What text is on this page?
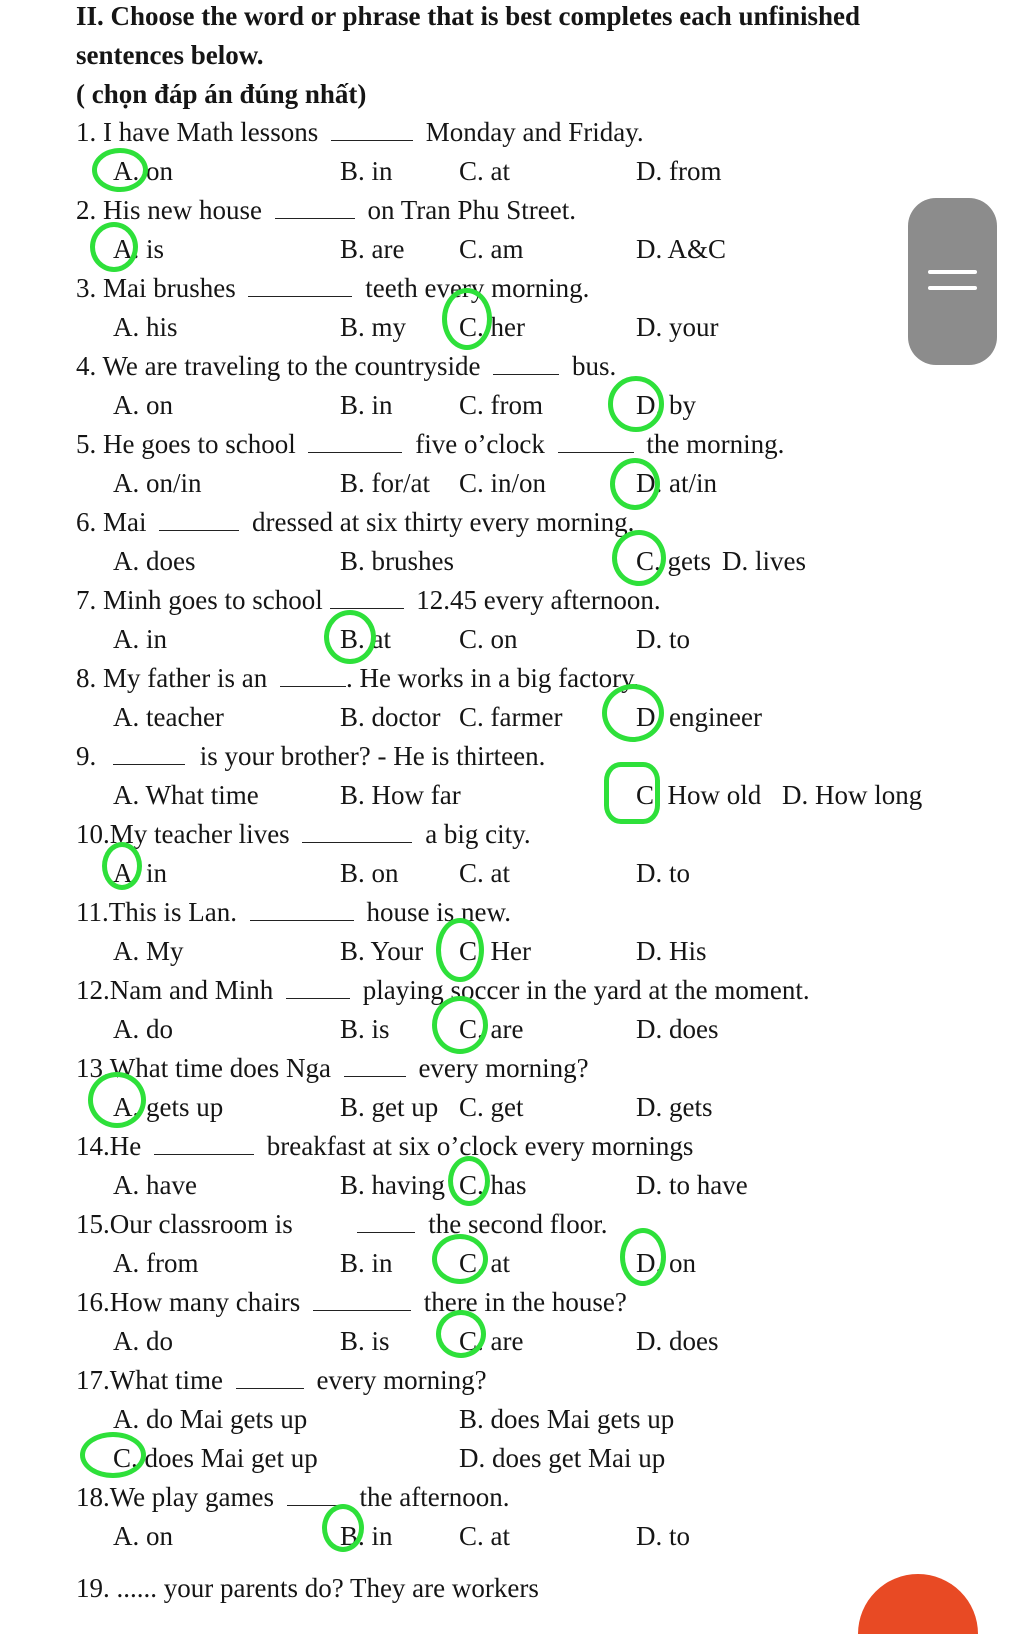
II. Choose the word or phrase that is best completes each unfinished
sentences below.
( chọn đáp án đúng nhất)
1. I have Math lessons	Monday and Friday.
A. on	B. in C. at	D. from
2. His new house	on Tran Phu Street.
A. is	B. are C. am	D. A&C
3. Mai brushes	teeth every morning.
A. his	B. my C. her	D. your
4. We are traveling to the countryside	bus.
A. on	B. in C. from	D. by
5. He goes to school	five o’clock	the morning.
A. on/in	B. for/at C. in/on	D. at/in
6. Mai	dressed at six thirty every morning.
A. does	B. brushes	C. gets D. lives
7. Minh goes to school	12.45 every afternoon.
A. in	B. at	C. on	D. to
8. My father is an	. He works in a big factory.
A. teacher	B. doctor C. farmer	D. engineer
9.	is your brother? - He is thirteen.
A. What time	B. How far	C. How old D. How long
10.My teacher lives	a big city.
A. in	B. on C. at	D. to
11.This is Lan.	house is new.
A. My	B. Your C. Her	D. His
12.Nam and Minh	playing soccer in the yard at the moment.
A. do	B. is	C. are	D. does
13.What time does Nga	every morning?
A. gets up	B. get up C. get	D. gets
14.He	breakfast at six o’clock every mornings
A. have	B. having C. has	D. to have
15.Our classroom is	the second floor.
A. from	B. in C. at	D. on
16.How many chairs	there in the house?
A. do	B. is	C. are	D. does
17.What time	every morning?
A. do Mai gets up	B. does Mai gets up
C. does Mai get up	D. does get Mai up
18.We play games	the afternoon.
A. on	B. in C. at	D. to
19. ...... your parents do? They are workers
